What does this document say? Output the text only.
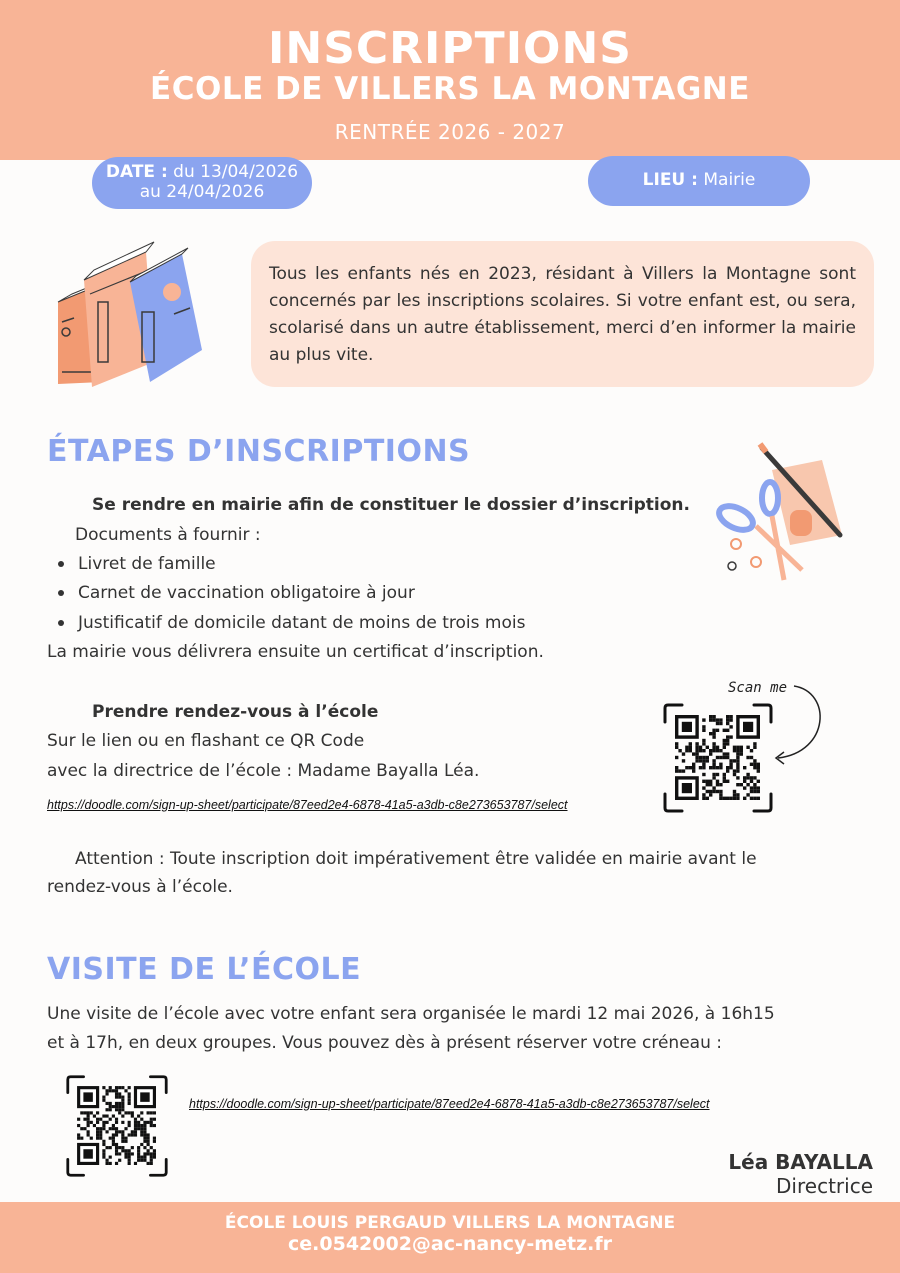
INSCRIPTIONS
ÉCOLE DE VILLERS LA MONTAGNE
RENTRÉE 2026 - 2027
DATE : du 13/04/2026
au 24/04/2026
LIEU : Mairie
Tous les enfants nés en 2023, résidant à Villers la Montagne sont concernés par les inscriptions scolaires. Si votre enfant est, ou sera, scolarisé dans un autre établissement, merci d’en informer la mairie au plus vite.
ÉTAPES D’INSCRIPTIONS
Se rendre en mairie afin de constituer le dossier d’inscription.
Documents à fournir :
Livret de famille
Carnet de vaccination obligatoire à jour
Justificatif de domicile datant de moins de trois mois
La mairie vous délivrera ensuite un certificat d’inscription.
Prendre rendez-vous à l’école
Sur le lien ou en flashant ce QR Code
avec la directrice de l’école : Madame Bayalla Léa.
https://doodle.com/sign-up-sheet/participate/87eed2e4-6878-41a5-a3db-c8e273653787/select
Scan me
Attention : Toute inscription doit impérativement être validée en mairie avant le
rendez-vous à l’école.
VISITE DE L’ÉCOLE
Une visite de l’école avec votre enfant sera organisée le mardi 12 mai 2026, à 16h15
et à 17h, en deux groupes. Vous pouvez dès à présent réserver votre créneau :
https://doodle.com/sign-up-sheet/participate/87eed2e4-6878-41a5-a3db-c8e273653787/select
Léa BAYALLA
Directrice
ÉCOLE LOUIS PERGAUD VILLERS LA MONTAGNE
ce.0542002@ac-nancy-metz.fr
